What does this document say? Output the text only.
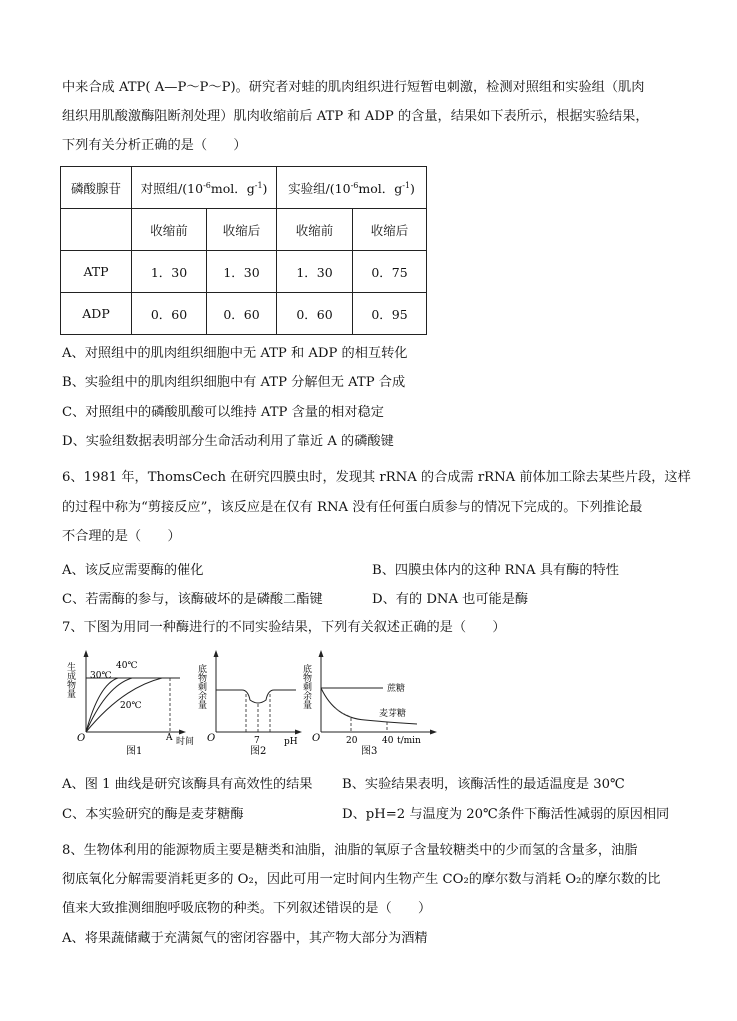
中来合成 ATP( A—P～P～P)。研究者对蛙的肌肉组织进行短暂电刺激，检测对照组和实验组（肌肉
组织用肌酸激酶阻断剂处理）肌肉收缩前后 ATP 和 ADP 的含量，结果如下表所示，根据实验结果，
下列有关分析正确的是（　　）
磷酸腺苷	对照组$/(10^{-6}mol$．$g^{-1}$)		实验组$/(10^{-6}mol$．$g^{-1}$)	
	收缩前	收缩后	收缩前	收缩后
ATP	1．30	1．30	1．30	0．75
ADP	0．60	0．60	0．60	0．95
A、对照组中的肌肉组织细胞中无 ATP 和 ADP 的相互转化
B、实验组中的肌肉组织细胞中有 ATP 分解但无 ATP 合成
C、对照组中的磷酸肌酸可以维持 ATP 含量的相对稳定
D、实验组数据表明部分生命活动利用了靠近 A 的磷酸键
6、1981 年，ThomsCech 在研究四膜虫时，发现其 rRNA 的合成需 rRNA 前体加工除去某些片段，这样
的过程中称为“剪接反应”，该反应是在仅有 RNA 没有任何蛋白质参与的情况下完成的。下列推论最
不合理的是（　　）
A、该反应需要酶的催化	B、四膜虫体内的这种 RNA 具有酶的特性
C、若需酶的参与，该酶破坏的是磷酸二酯键	D、有的 DNA 也可能是酶
7、下图为用同一种酶进行的不同实验结果，下列有关叙述正确的是（　　）
生成物量	40℃
30℃
20℃
O	A 时间
图1
底物剩余量
7
O	pH
图2
底物剩余量	蔗糖
麦芽糖
O	20	40 t/min
图3
A、图 1 曲线是研究该酶具有高效性的结果 B、实验结果表明，该酶活性的最适温度是 30℃
C、本实验研究的酶是麦芽糖酶	D、pH=2 与温度为 20℃条件下酶活性减弱的原因相同
8、生物体利用的能源物质主要是糖类和油脂，油脂的氧原子含量较糖类中的少而氢的含量多，油脂
彻底氧化分解需要消耗更多的 O₂，因此可用一定时间内生物产生 CO₂的摩尔数与消耗 O₂的摩尔数的比
值来大致推测细胞呼吸底物的种类。下列叙述错误的是（　　）
A、将果蔬储藏于充满氮气的密闭容器中，其产物大部分为酒精
